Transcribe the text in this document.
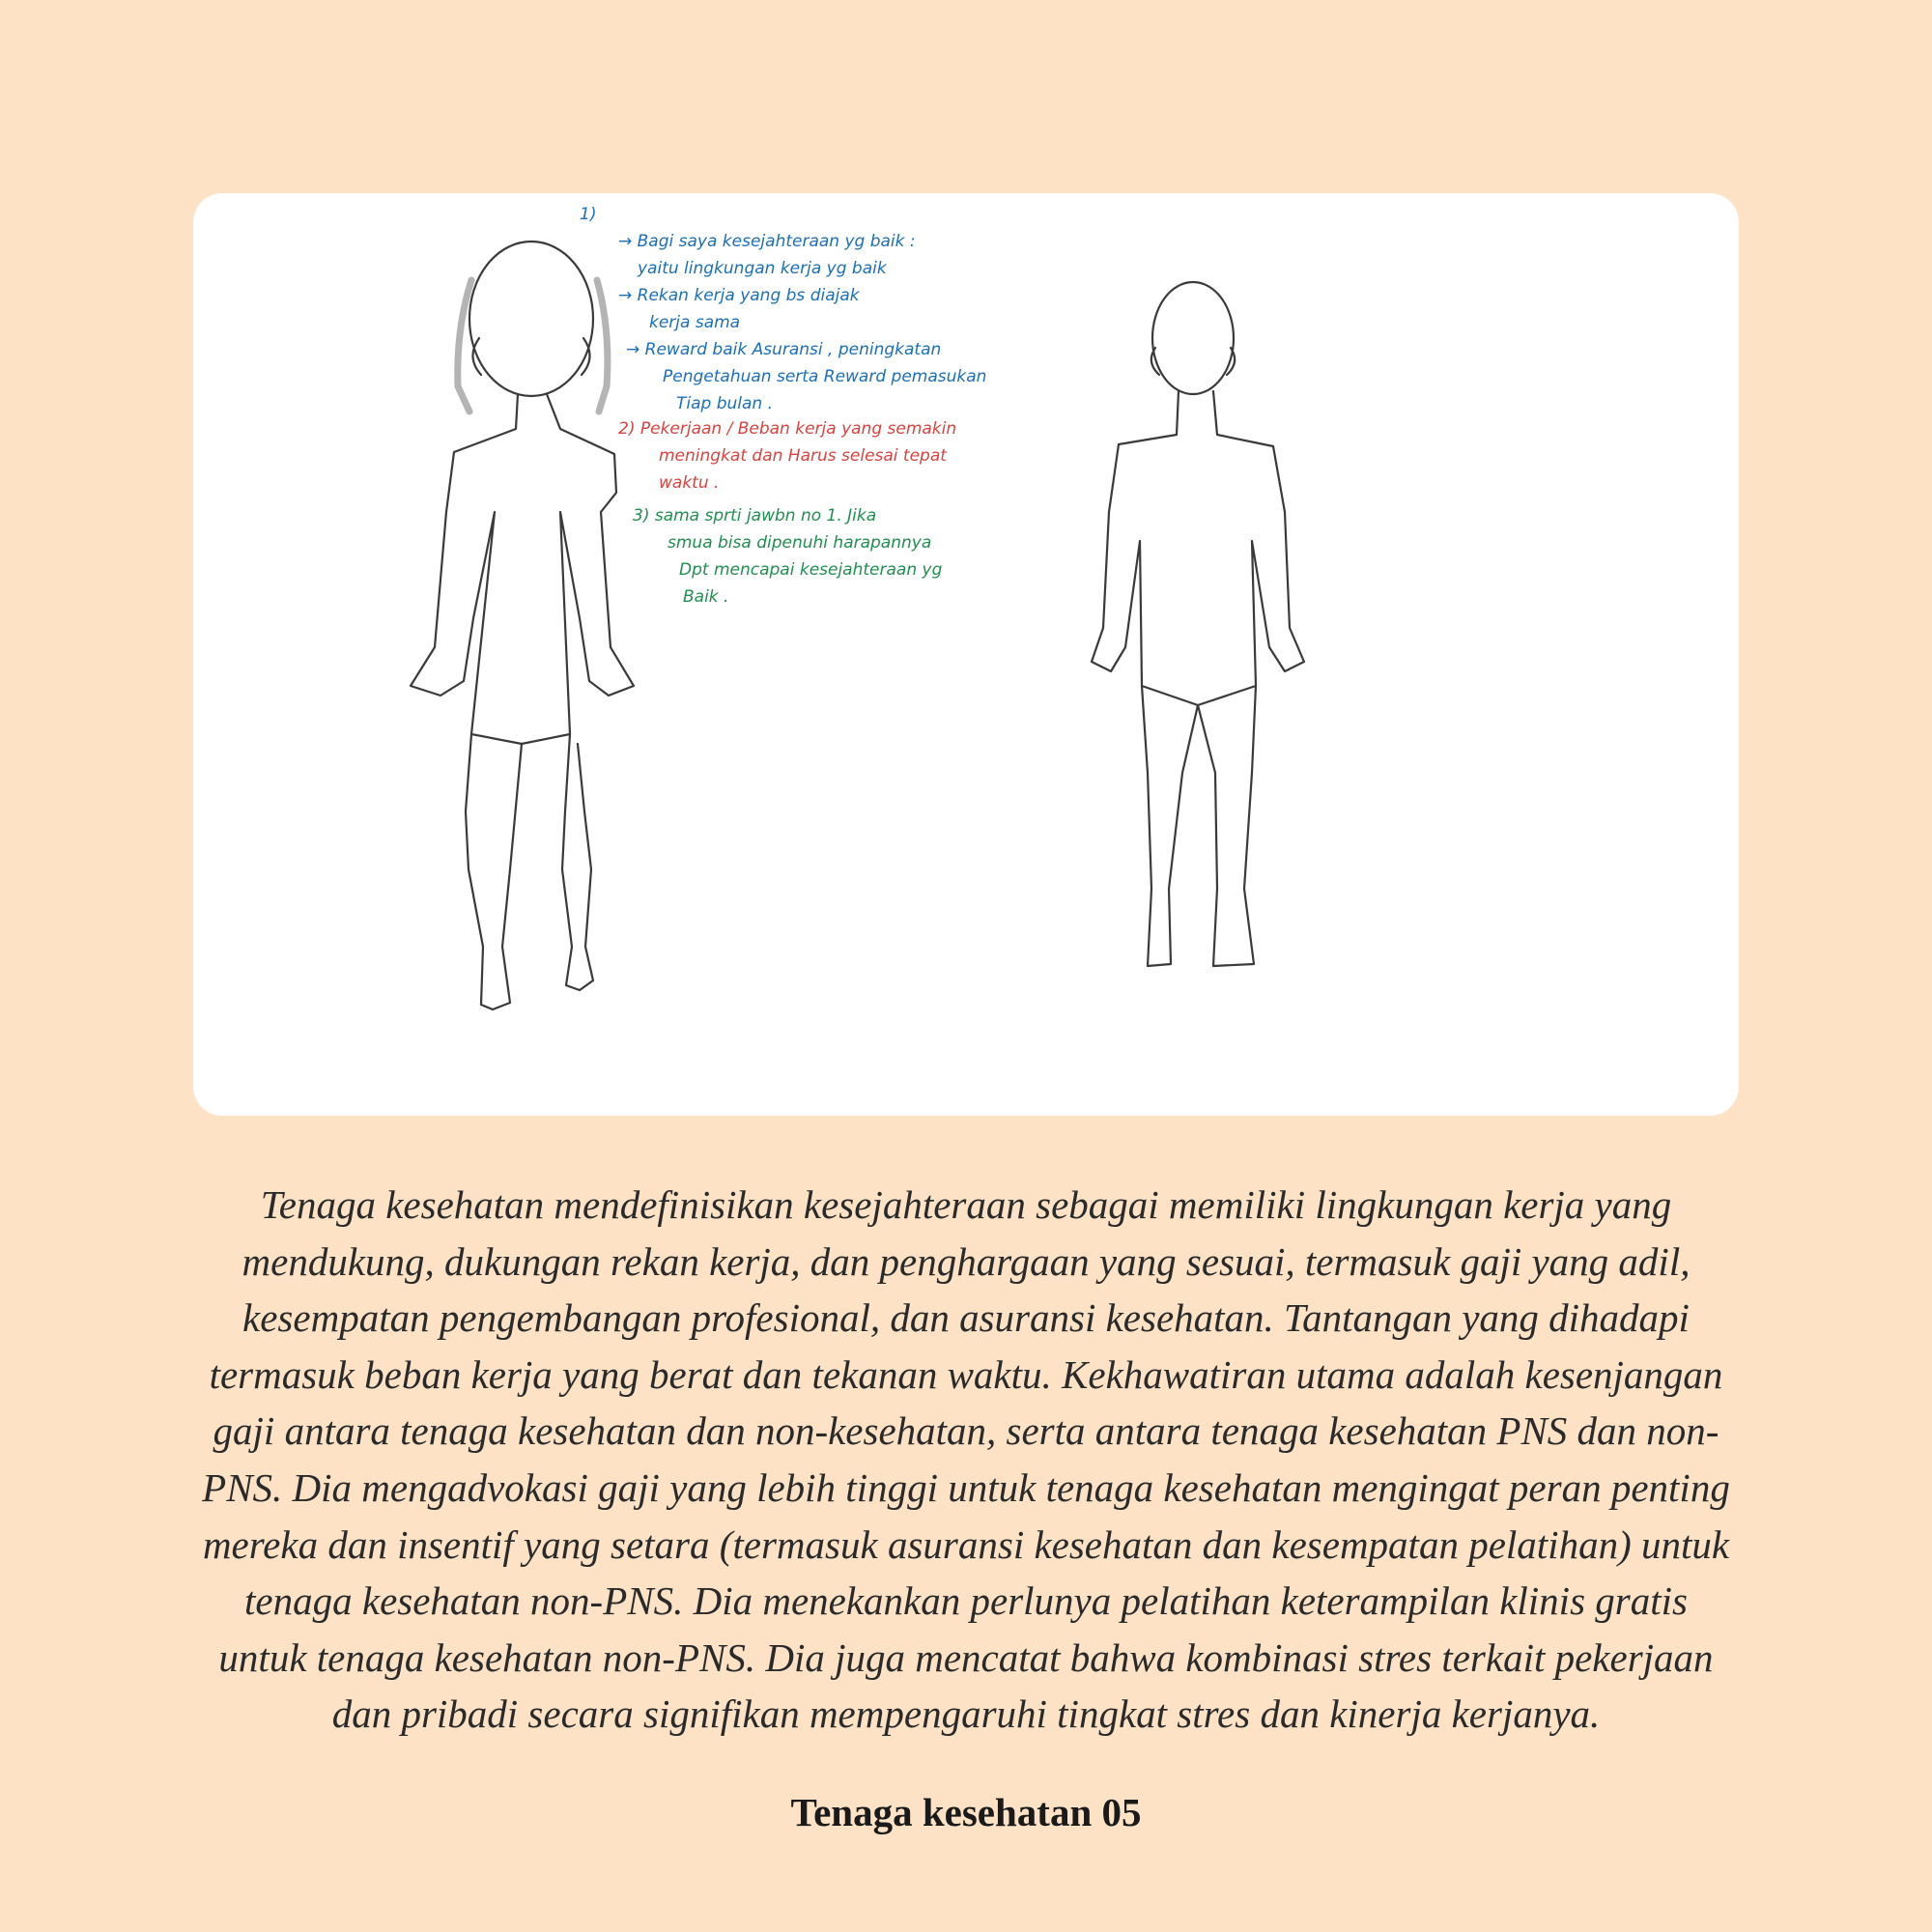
1)
→ Bagi saya kesejahteraan yg baik :
yaitu lingkungan kerja yg baik
→ Rekan kerja yang bs diajak
kerja sama
→ Reward baik Asuransi , peningkatan
Pengetahuan serta Reward pemasukan
Tiap bulan .
2) Pekerjaan / Beban kerja yang semakin
meningkat dan Harus selesai tepat
waktu .
3) sama sprti jawbn no 1. Jika
smua bisa dipenuhi harapannya
Dpt mencapai kesejahteraan yg
Baik .
Tenaga kesehatan mendefinisikan kesejahteraan sebagai memiliki lingkungan kerja yang
mendukung, dukungan rekan kerja, dan penghargaan yang sesuai, termasuk gaji yang adil,
kesempatan pengembangan profesional, dan asuransi kesehatan. Tantangan yang dihadapi
termasuk beban kerja yang berat dan tekanan waktu. Kekhawatiran utama adalah kesenjangan
gaji antara tenaga kesehatan dan non-kesehatan, serta antara tenaga kesehatan PNS dan non-
PNS. Dia mengadvokasi gaji yang lebih tinggi untuk tenaga kesehatan mengingat peran penting
mereka dan insentif yang setara (termasuk asuransi kesehatan dan kesempatan pelatihan) untuk
tenaga kesehatan non-PNS. Dia menekankan perlunya pelatihan keterampilan klinis gratis
untuk tenaga kesehatan non-PNS. Dia juga mencatat bahwa kombinasi stres terkait pekerjaan
dan pribadi secara signifikan mempengaruhi tingkat stres dan kinerja kerjanya.
Tenaga kesehatan 05
